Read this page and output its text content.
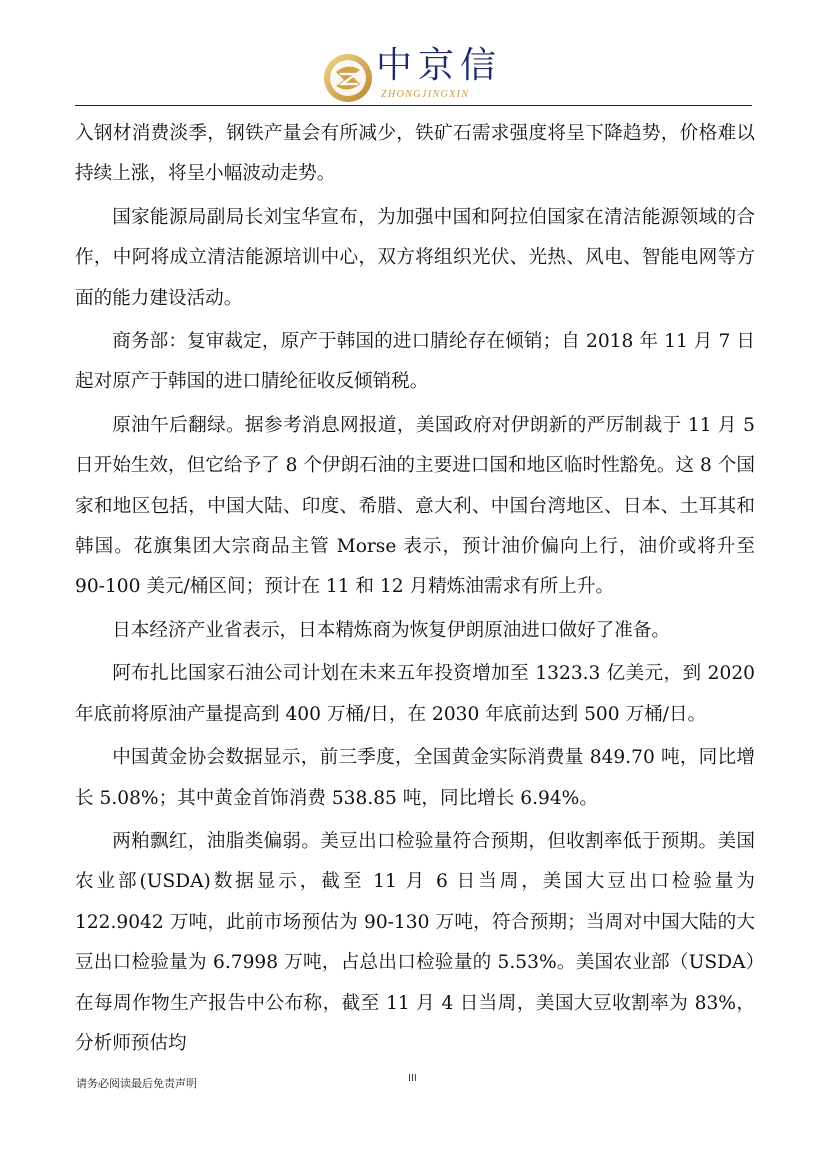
中京信
ZHONGJINGXIN

入钢材消费淡季，钢铁产量会有所减少，铁矿石需求强度将呈下降趋势，价格难以持续上涨，将呈小幅波动走势。

国家能源局副局长刘宝华宣布，为加强中国和阿拉伯国家在清洁能源领域的合作，中阿将成立清洁能源培训中心，双方将组织光伏、光热、风电、智能电网等方面的能力建设活动。

商务部：复审裁定，原产于韩国的进口腈纶存在倾销；自 2018 年 11 月 7 日起对原产于韩国的进口腈纶征收反倾销税。

原油午后翻绿。据参考消息网报道，美国政府对伊朗新的严厉制裁于 11 月 5 日开始生效，但它给予了 8 个伊朗石油的主要进口国和地区临时性豁免。这 8 个国家和地区包括，中国大陆、印度、希腊、意大利、中国台湾地区、日本、土耳其和韩国。花旗集团大宗商品主管 Morse 表示，预计油价偏向上行，油价或将升至 90-100 美元/桶区间；预计在 11 和 12 月精炼油需求有所上升。

日本经济产业省表示，日本精炼商为恢复伊朗原油进口做好了准备。

阿布扎比国家石油公司计划在未来五年投资增加至 1323.3 亿美元，到 2020 年底前将原油产量提高到 400 万桶/日，在 2030 年底前达到 500 万桶/日。

中国黄金协会数据显示，前三季度，全国黄金实际消费量 849.70 吨，同比增长 5.08%；其中黄金首饰消费 538.85 吨，同比增长 6.94%。

两粕飘红，油脂类偏弱。美豆出口检验量符合预期，但收割率低于预期。美国农业部(USDA)数据显示，截至 11 月 6 日当周，美国大豆出口检验量为 122.9042 万吨，此前市场预估为 90-130 万吨，符合预期；当周对中国大陆的大豆出口检验量为 6.7998 万吨，占总出口检验量的 5.53%。美国农业部（USDA）在每周作物生产报告中公布称，截至 11 月 4 日当周，美国大豆收割率为 83%，分析师预估均

请务必阅读最后免责声明	III
